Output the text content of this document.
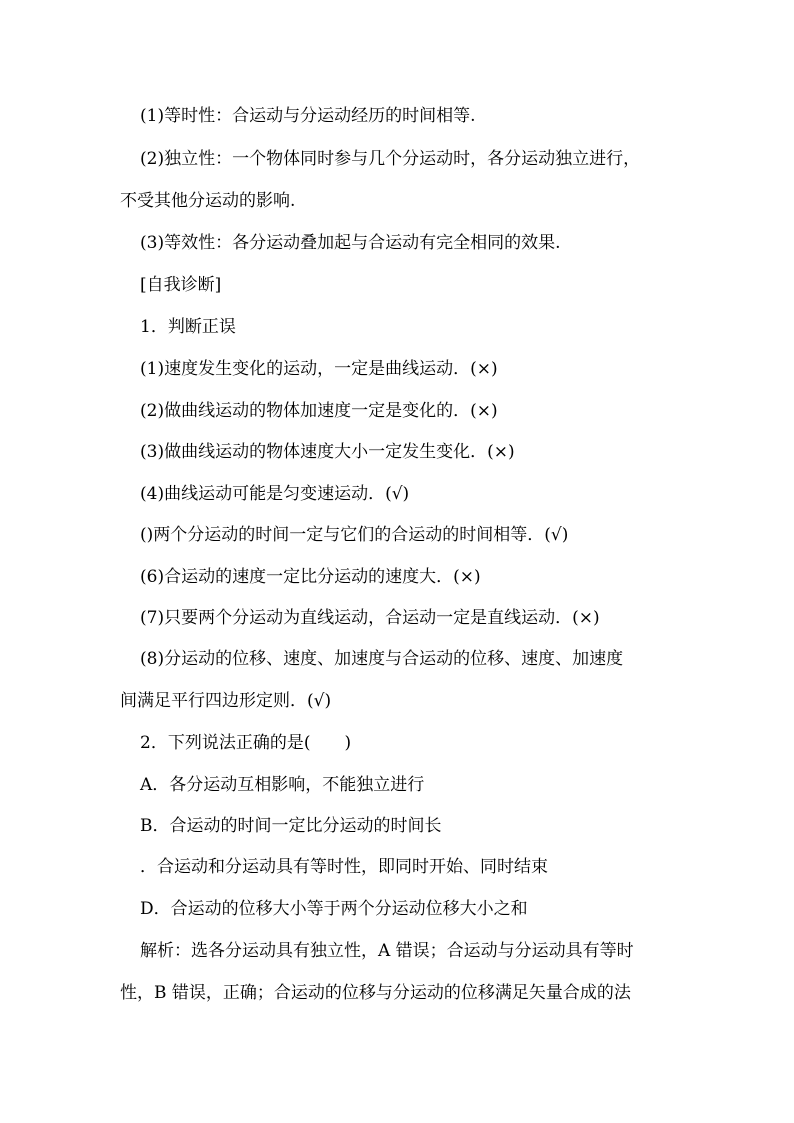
(1)等时性：合运动与分运动经历的时间相等.
(2)独立性：一个物体同时参与几个分运动时，各分运动独立进行，
不受其他分运动的影响.
(3)等效性：各分运动叠加起与合运动有完全相同的效果.
[自我诊断]
1．判断正误
(1)速度发生变化的运动，一定是曲线运动．(×)
(2)做曲线运动的物体加速度一定是变化的．(×)
(3)做曲线运动的物体速度大小一定发生变化．(×)
(4)曲线运动可能是匀变速运动．(√)
()两个分运动的时间一定与它们的合运动的时间相等．(√)
(6)合运动的速度一定比分运动的速度大．(×)
(7)只要两个分运动为直线运动，合运动一定是直线运动．(×)
(8)分运动的位移、速度、加速度与合运动的位移、速度、加速度
间满足平行四边形定则．(√)
2．下列说法正确的是(　　)
A．各分运动互相影响，不能独立进行
B．合运动的时间一定比分运动的时间长
．合运动和分运动具有等时性，即同时开始、同时结束
D．合运动的位移大小等于两个分运动位移大小之和
解析：选各分运动具有独立性，A 错误；合运动与分运动具有等时
性，B 错误，正确；合运动的位移与分运动的位移满足矢量合成的法
